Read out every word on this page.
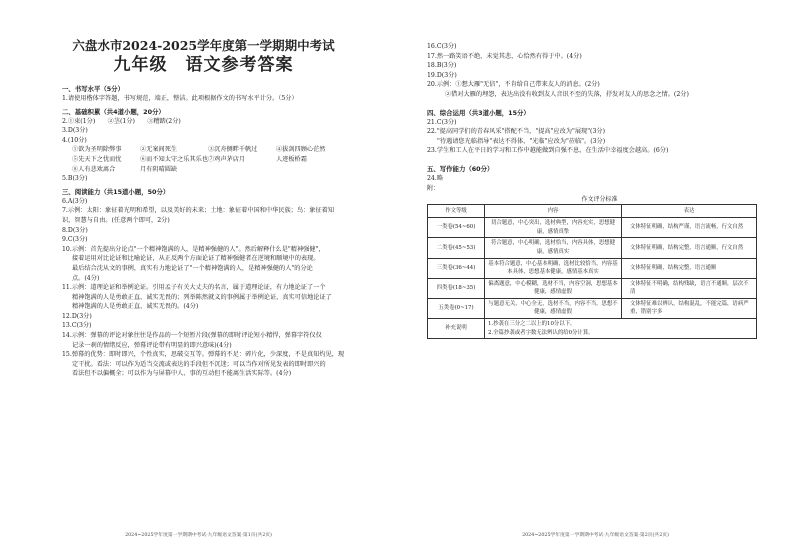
六盘水市2024-2025学年度第一学期期中考试
九年级　语文参考答案
一、书写水平（5分）
1.请使用楷体字答题，书写规范，端正，整洁。此项根据作文的书写水平计分。（5分）
二、基础积累（共4道小题，20分）
2.①束(1分)　　②茎(1分)　　③糟踏(2分)
3.D(3分)
4.(10分)
①欲为圣明除弊事	②无案间死生	③沉舟侧畔千帆过	④拔剑四顾心茫然
⑤先天下之忧而忧	⑥而不知太守之乐其乐也 ⑦鸡声茅店月	人迹板桥霜
⑧人有悲欢离合	月有阴晴圆缺
5.B(3分)
三、阅读能力（共15道小题，50分）
6.A(3分)
7.示例：太阳：象征着光明和希望，以及美好的未来；土地：象征着中国和中华民族；鸟：象征着知
识，智慧与自由。(任意两个即可，2分)
8.D(3分)
9.C(3分)
10.示例：首先提出分论点"一个精神饱满的人，是精神强健的人"。然后解释什么是"精神强健"，
接着运用对比论证和比喻论证，从正反两个方面论证了精神强健者在逆境和顺境中的表现。
最后结合沈从文的事例，真实有力地论证了"一个精神饱满的人，是精神强健的人"的分论
点。(4分)
11.示例：道理论证和举例论证。引用孟子有关大丈夫的名言，属于道理论证，有力地论证了一个
精神饱满的人是勇敢正直、诚实无畏的；列举陈然就义的事例属于举例论证，真实可信地论证了
精神饱满的人是勇敢正直、诚实无畏的。(4分)
12.D(3分)
13.C(3分)
14.示例：弹幕的评论对象往往是作品的一个短暂片段(弹幕的即时评论短小精悍，弹幕字符仅仅
记录一刹的情绪反应，弹幕评论带有明显的即兴意味)(4分)
15.弹幕的优势：即时即兴，个性真实，思破交互等。弹幕的不足：碎片化，少深度，不是真知灼见，现
定干扰。看法：可以作为适当交流或表达的手段但不沉迷；可以当作对所见发表的即时即兴的
看法但不以偏概全；可以作为与屏幕中人、事的互动但不能离生活实际等。(4分)
2024~2025学年度第一学期期中考试·九年级语文答案·第1页(共2页)
16.C(3分)
17.然一路笑语不绝，未觉其悲，心恰然有得于中。(4分)
18.B(3分)
19.D(3分)
20.示例：①想大雁"无信"，不肯给自己带来友人的消息。(2分)
②借对大雁的埋怨，表达出没有收到友人音讯不至的失落，抒发对友人的思念之情。(2分)
四、综合运用（共3道小题，15分）
21.C(3分)
22."提高同学们的青春风采"搭配不当，"提高"应改为"展现"(3分)
"待遇请您光临指导"表达不得体，"光临"应改为"莅临"。(3分)
23.学生和工人在平日的学习和工作中越能做到自强不息，在生活中幸福度会越高。(6分)
五、写作能力（60分）
24.略
附：
作文评分标准
作文等级	内容	表达
一类卷(54~60)	切合题意，中心突出，选材典型，内容充实，思想健康，感情真挚	文体特征明确，结构严谨，语言流畅，行文自然
二类卷(45~53)	符合题意，中心明确，选材恰当，内容具体，思想健康，感情真实	文体特征明确，结构完整，语言通顺，行文自然
三类卷(36~44)	基本符合题意，中心基本明确，选材比较恰当，内容基本具体，思想基本健康，感情基本真实	文体特征明确，结构完整，语言通顺
四类卷(18~35)	偏离题意，中心模糊，选材不当，内容空洞，思想基本健康，感情虚假	文体特征不明确，结构残缺，语言不通顺，层次不清
五类卷(0~17)	与题意无关，中心全无，选材不当，内容不当，思想不健康，感情虚假	文体特征难以辨认，结构混乱，不能完篇，语病严重，错别字多
补充说明	1.抄袭在三分之二以上的10分以下。
2.全篇抄袭或者字数无法辨认的给0分计算。	
2024~2025学年度第一学期期中考试·九年级语文答案·第2页(共2页)
